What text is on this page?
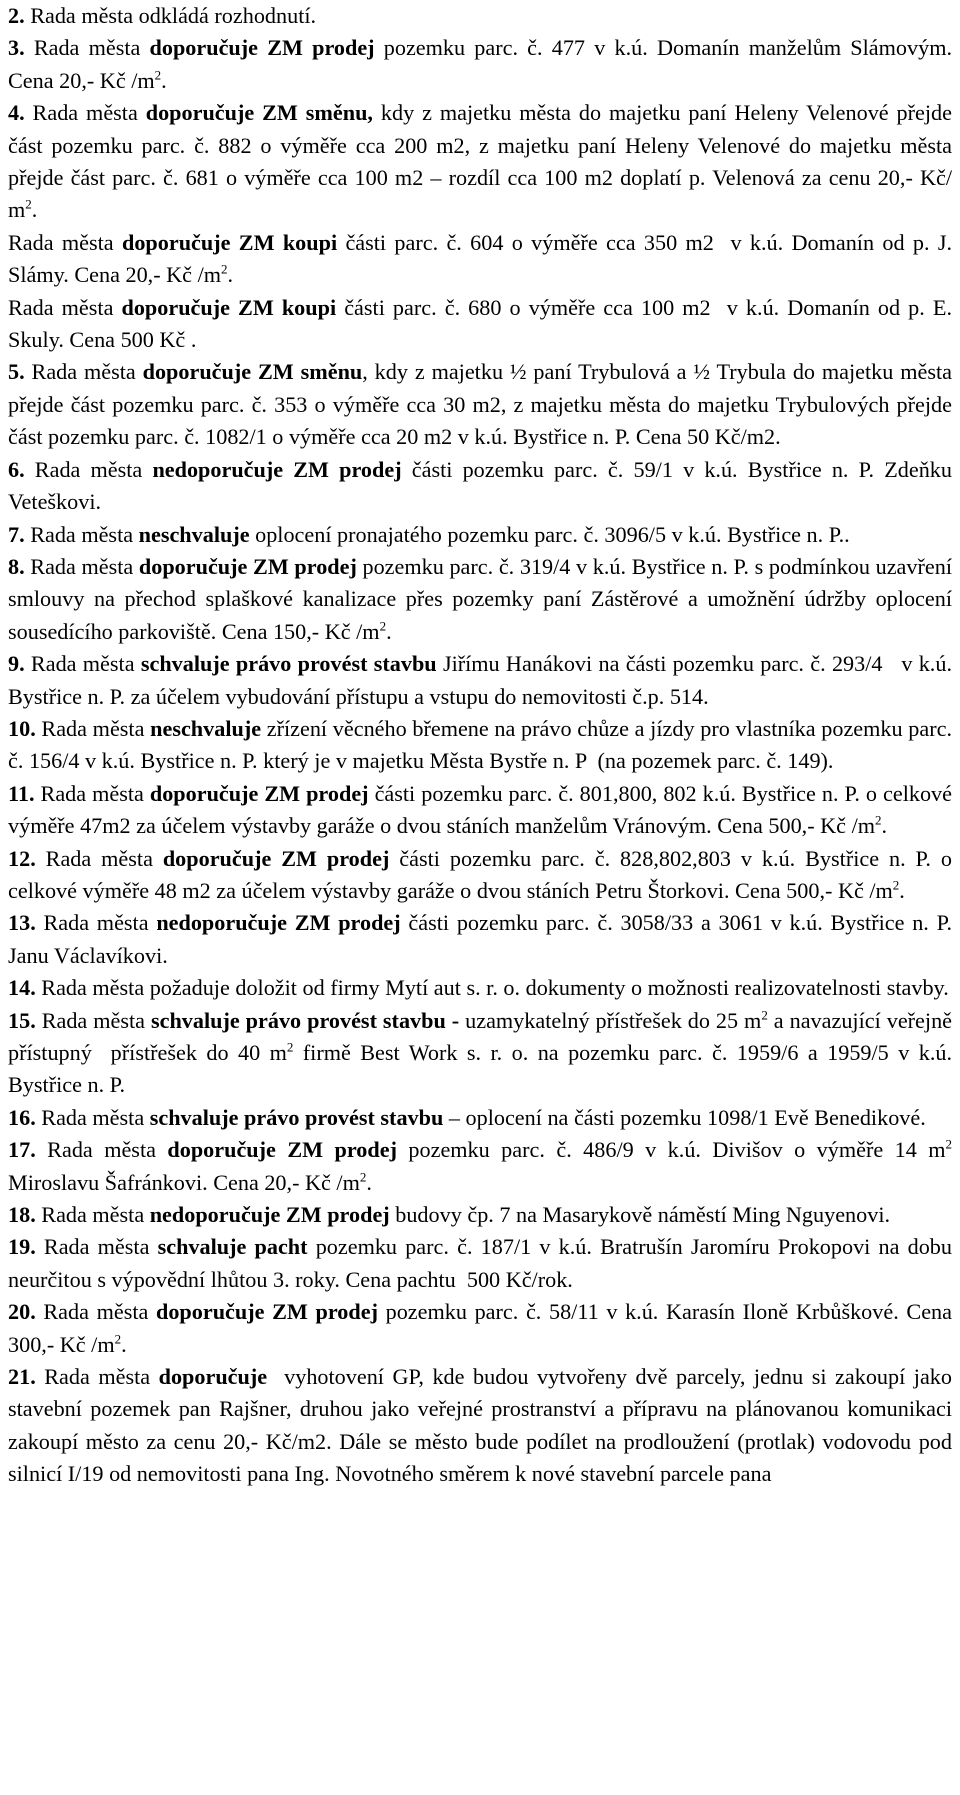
2. Rada města odkládá rozhodnutí.

3. Rada města doporučuje ZM prodej pozemku parc. č. 477 v k.ú. Domanín manželům Slámovým. Cena 20,- Kč $/m^2$.

4. Rada města doporučuje ZM směnu, kdy z majetku města do majetku paní Heleny Velenové přejde část pozemku parc. č. 882 o výměře cca 200 m2, z majetku paní Heleny Velenové do majetku města přejde část parc. č. 681 o výměře cca 100 m2 – rozdíl cca 100 m2 doplatí p. Velenová za cenu 20,- Kč/ $m^2$.

Rada města doporučuje ZM koupi části parc. č. 604 o výměře cca 350 m2  v k.ú. Domanín od p. J. Slámy. Cena 20,- Kč $/m^2$.

Rada města doporučuje ZM koupi části parc. č. 680 o výměře cca 100 m2  v k.ú. Domanín od p. E. Skuly. Cena 500 Kč .

5. Rada města doporučuje ZM směnu, kdy z majetku ½ paní Trybulová a ½ Trybula do majetku města přejde část pozemku parc. č. 353 o výměře cca 30 m2, z majetku města do majetku Trybulových přejde část pozemku parc. č. 1082/1 o výměře cca 20 m2 v k.ú. Bystřice n. P. Cena 50 Kč/m2.

6. Rada města nedoporučuje ZM prodej části pozemku parc. č. 59/1 v k.ú. Bystřice n. P. Zdeňku Veteškovi.

7. Rada města neschvaluje oplocení pronajatého pozemku parc. č. 3096/5 v k.ú. Bystřice n. P..

8. Rada města doporučuje ZM prodej pozemku parc. č. 319/4 v k.ú. Bystřice n. P. s podmínkou uzavření smlouvy na přechod splaškové kanalizace přes pozemky paní Zástěrové a umožnění údržby oplocení sousedícího parkoviště. Cena 150,- Kč $/m^2$.

9. Rada města schvaluje právo provést stavbu Jiřímu Hanákovi na části pozemku parc. č. 293/4   v k.ú. Bystřice n. P. za účelem vybudování přístupu a vstupu do nemovitosti č.p. 514.

10. Rada města neschvaluje zřízení věcného břemene na právo chůze a jízdy pro vlastníka pozemku parc. č. 156/4 v k.ú. Bystřice n. P. který je v majetku Města Bystře n. P  (na pozemek parc. č. 149).

11. Rada města doporučuje ZM prodej části pozemku parc. č. 801,800, 802 k.ú. Bystřice n. P. o celkové výměře 47m2 za účelem výstavby garáže o dvou stáních manželům Vránovým. Cena 500,- Kč $/m^2$.

12. Rada města doporučuje ZM prodej části pozemku parc. č. 828,802,803 v k.ú. Bystřice n. P. o celkové výměře 48 m2 za účelem výstavby garáže o dvou stáních Petru Štorkovi. Cena 500,- Kč $/m^2$.

13. Rada města nedoporučuje ZM prodej části pozemku parc. č. 3058/33 a 3061 v k.ú. Bystřice n. P. Janu Václavíkovi.

14. Rada města požaduje doložit od firmy Mytí aut s. r. o. dokumenty o možnosti realizovatelnosti stavby.

15. Rada města schvaluje právo provést stavbu - uzamykatelný přístřešek do 25 $m^2$ a navazující veřejně přístupný  přístřešek do 40 $m^2$ firmě Best Work s. r. o. na pozemku parc. č. 1959/6 a 1959/5 v k.ú. Bystřice n. P.

16. Rada města schvaluje právo provést stavbu – oplocení na části pozemku 1098/1 Evě Benedikové.

17. Rada města doporučuje ZM prodej pozemku parc. č. 486/9 v k.ú. Divišov o výměře 14 $m^2$ Miroslavu Šafránkovi. Cena 20,- Kč $/m^2$.

18. Rada města nedoporučuje ZM prodej budovy čp. 7 na Masarykově náměstí Ming Nguyenovi.

19. Rada města schvaluje pacht pozemku parc. č. 187/1 v k.ú. Bratrušín Jaromíru Prokopovi na dobu neurčitou s výpovědní lhůtou 3. roky. Cena pachtu  500 Kč/rok.

20. Rada města doporučuje ZM prodej pozemku parc. č. 58/11 v k.ú. Karasín Iloně Krbůškové. Cena 300,- Kč $/m^2$.

21. Rada města doporučuje  vyhotovení GP, kde budou vytvořeny dvě parcely, jednu si zakoupí jako stavební pozemek pan Rajšner, druhou jako veřejné prostranství a přípravu na plánovanou komunikaci zakoupí město za cenu 20,- Kč/m2. Dále se město bude podílet na prodloužení (protlak) vodovodu pod silnicí I/19 od nemovitosti pana Ing. Novotného směrem k nové stavební parcele pana
